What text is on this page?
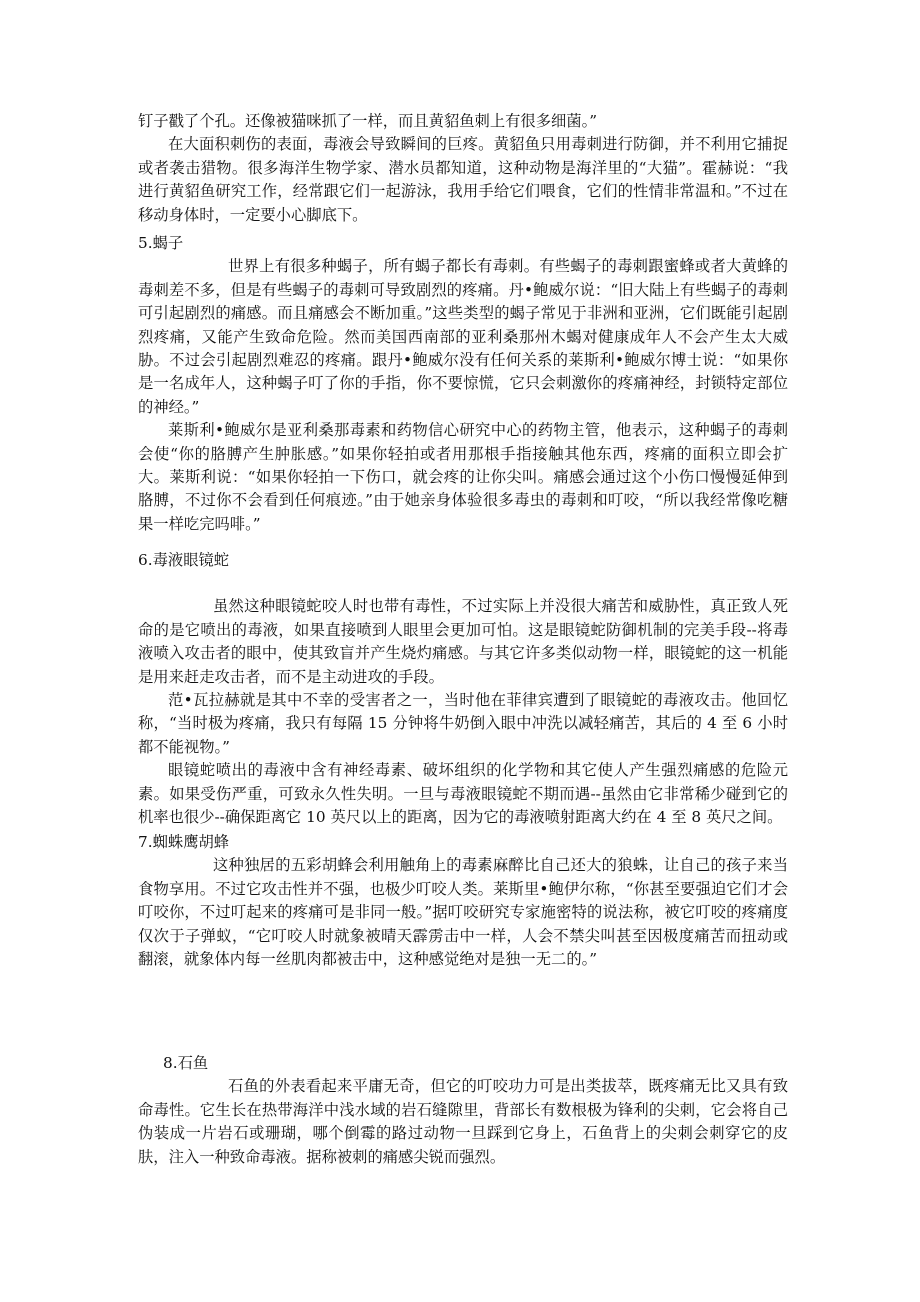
钉子戳了个孔。还像被猫咪抓了一样，而且黄貂鱼刺上有很多细菌。”

在大面积刺伤的表面，毒液会导致瞬间的巨疼。黄貂鱼只用毒刺进行防御，并不利用它捕捉或者袭击猎物。很多海洋生物学家、潜水员都知道，这种动物是海洋里的“大猫”。霍赫说：“我进行黄貂鱼研究工作，经常跟它们一起游泳，我用手给它们喂食，它们的性情非常温和。”不过在移动身体时，一定要小心脚底下。

5.蝎子

世界上有很多种蝎子，所有蝎子都长有毒刺。有些蝎子的毒刺跟蜜蜂或者大黄蜂的毒刺差不多，但是有些蝎子的毒刺可导致剧烈的疼痛。丹•鲍威尔说：“旧大陆上有些蝎子的毒刺可引起剧烈的痛感。而且痛感会不断加重。”这些类型的蝎子常见于非洲和亚洲，它们既能引起剧烈疼痛，又能产生致命危险。然而美国西南部的亚利桑那州木蝎对健康成年人不会产生太大威胁。不过会引起剧烈难忍的疼痛。跟丹•鲍威尔没有任何关系的莱斯利•鲍威尔博士说：“如果你是一名成年人，这种蝎子叮了你的手指，你不要惊慌，它只会刺激你的疼痛神经，封锁特定部位的神经。”

莱斯利•鲍威尔是亚利桑那毒素和药物信心研究中心的药物主管，他表示，这种蝎子的毒刺会使“你的胳膊产生肿胀感。”如果你轻拍或者用那根手指接触其他东西，疼痛的面积立即会扩大。莱斯利说：“如果你轻拍一下伤口，就会疼的让你尖叫。痛感会通过这个小伤口慢慢延伸到胳膊，不过你不会看到任何痕迹。”由于她亲身体验很多毒虫的毒刺和叮咬，“所以我经常像吃糖果一样吃完吗啡。”

6.毒液眼镜蛇

虽然这种眼镜蛇咬人时也带有毒性，不过实际上并没很大痛苦和威胁性，真正致人死命的是它喷出的毒液，如果直接喷到人眼里会更加可怕。这是眼镜蛇防御机制的完美手段--将毒液喷入攻击者的眼中，使其致盲并产生烧灼痛感。与其它许多类似动物一样，眼镜蛇的这一机能是用来赶走攻击者，而不是主动进攻的手段。

范•瓦拉赫就是其中不幸的受害者之一，当时他在菲律宾遭到了眼镜蛇的毒液攻击。他回忆称，“当时极为疼痛，我只有每隔 15 分钟将牛奶倒入眼中冲洗以减轻痛苦，其后的 4 至 6 小时都不能视物。”

眼镜蛇喷出的毒液中含有神经毒素、破坏组织的化学物和其它使人产生强烈痛感的危险元素。如果受伤严重，可致永久性失明。一旦与毒液眼镜蛇不期而遇--虽然由它非常稀少碰到它的机率也很少--确保距离它 10 英尺以上的距离，因为它的毒液喷射距离大约在 4 至 8 英尺之间。

7.蜘蛛鹰胡蜂

这种独居的五彩胡蜂会利用触角上的毒素麻醉比自己还大的狼蛛，让自己的孩子来当食物享用。不过它攻击性并不强，也极少叮咬人类。莱斯里•鲍伊尔称，“你甚至要强迫它们才会叮咬你，不过叮起来的疼痛可是非同一般。”据叮咬研究专家施密特的说法称，被它叮咬的疼痛度仅次于子弹蚁，“它叮咬人时就象被晴天霹雳击中一样，人会不禁尖叫甚至因极度痛苦而扭动或翻滚，就象体内每一丝肌肉都被击中，这种感觉绝对是独一无二的。”

8.石鱼

石鱼的外表看起来平庸无奇，但它的叮咬功力可是出类拔萃，既疼痛无比又具有致命毒性。它生长在热带海洋中浅水域的岩石缝隙里，背部长有数根极为锋利的尖刺，它会将自己伪装成一片岩石或珊瑚，哪个倒霉的路过动物一旦踩到它身上，石鱼背上的尖刺会刺穿它的皮肤，注入一种致命毒液。据称被刺的痛感尖锐而强烈。
